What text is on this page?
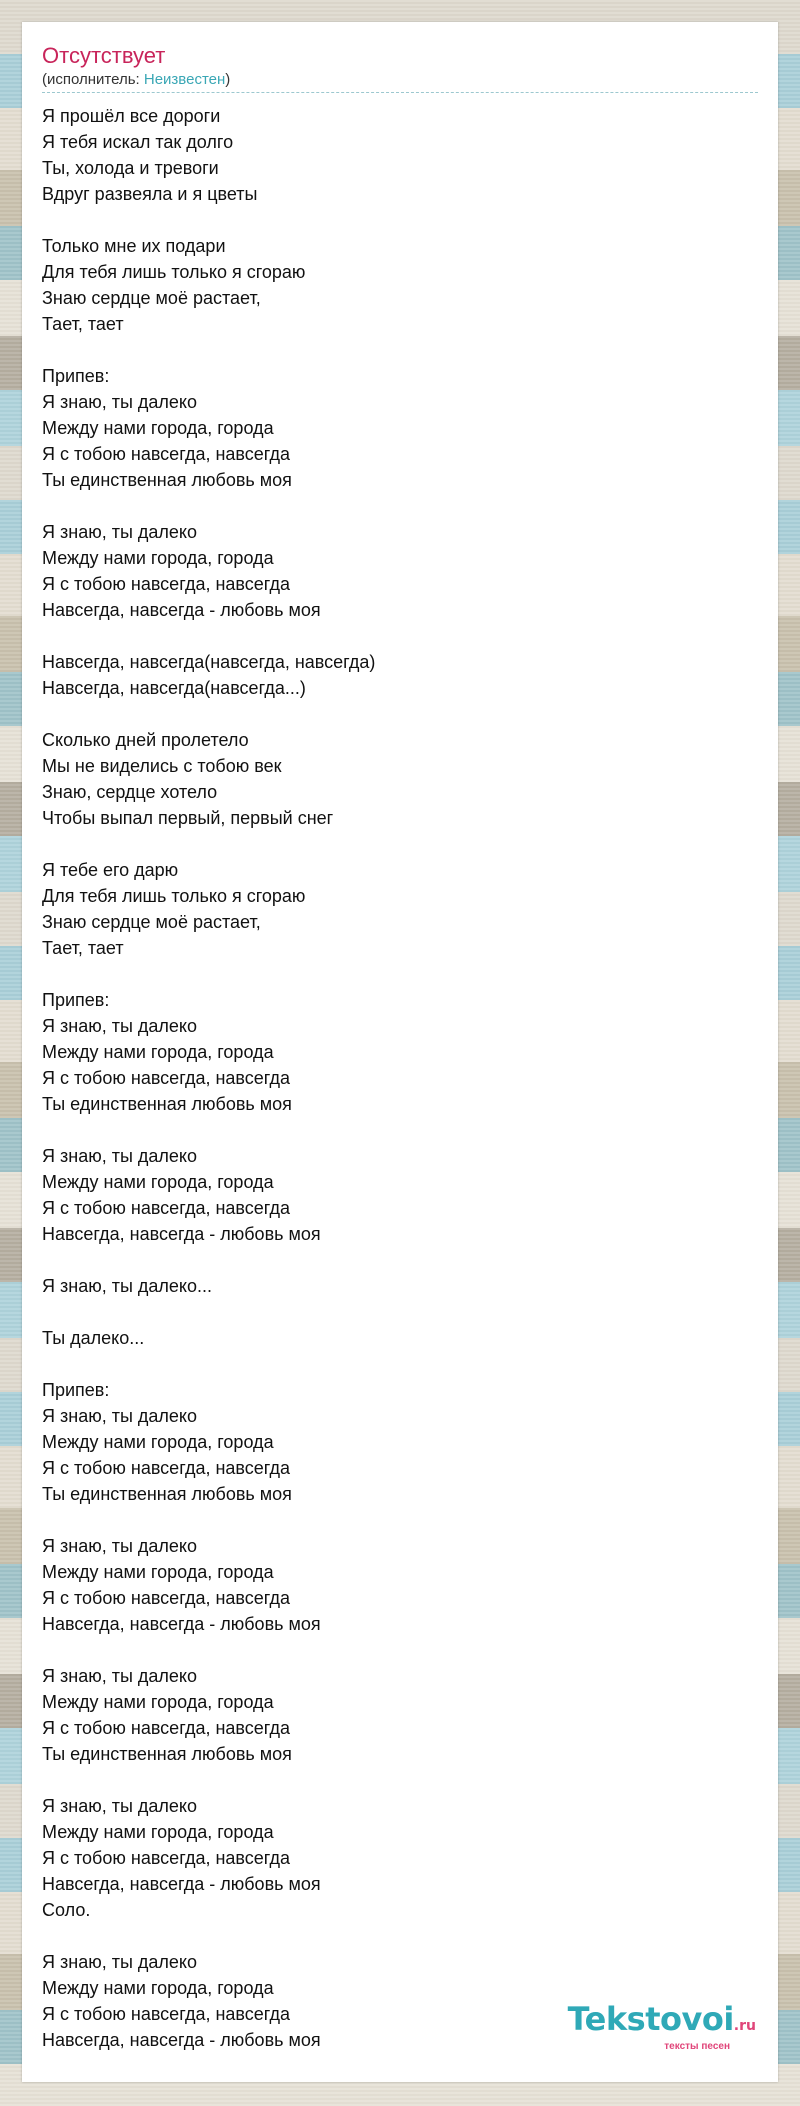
Отсутствует
(исполнитель: Неизвестен)
Я прошёл все дороги
Я тебя искал так долго
Ты, холода и тревоги
Вдруг развеяла и я цветы
Только мне их подари
Для тебя лишь только я сгораю
Знаю сердце моё растает,
Тает, тает
Припев:
Я знаю, ты далеко
Между нами города, города
Я с тобою навсегда, навсегда
Ты единственная любовь моя
Я знаю, ты далеко
Между нами города, города
Я с тобою навсегда, навсегда
Навсегда, навсегда - любовь моя
Навсегда, навсегда(навсегда, навсегда)
Навсегда, навсегда(навсегда...)
Сколько дней пролетело
Мы не виделись с тобою век
Знаю, сердце хотело
Чтобы выпал первый, первый снег
Я тебе его дарю
Для тебя лишь только я сгораю
Знаю сердце моё растает,
Тает, тает
Припев:
Я знаю, ты далеко
Между нами города, города
Я с тобою навсегда, навсегда
Ты единственная любовь моя
Я знаю, ты далеко
Между нами города, города
Я с тобою навсегда, навсегда
Навсегда, навсегда - любовь моя
Я знаю, ты далеко...
Ты далеко...
Припев:
Я знаю, ты далеко
Между нами города, города
Я с тобою навсегда, навсегда
Ты единственная любовь моя
Я знаю, ты далеко
Между нами города, города
Я с тобою навсегда, навсегда
Навсегда, навсегда - любовь моя
Я знаю, ты далеко
Между нами города, города
Я с тобою навсегда, навсегда
Ты единственная любовь моя
Я знаю, ты далеко
Между нами города, города
Я с тобою навсегда, навсегда
Навсегда, навсегда - любовь моя
Соло.
Я знаю, ты далеко
Между нами города, города
Я с тобою навсегда, навсегда
Навсегда, навсегда - любовь моя
Tekstovoi.ru
тексты песен
